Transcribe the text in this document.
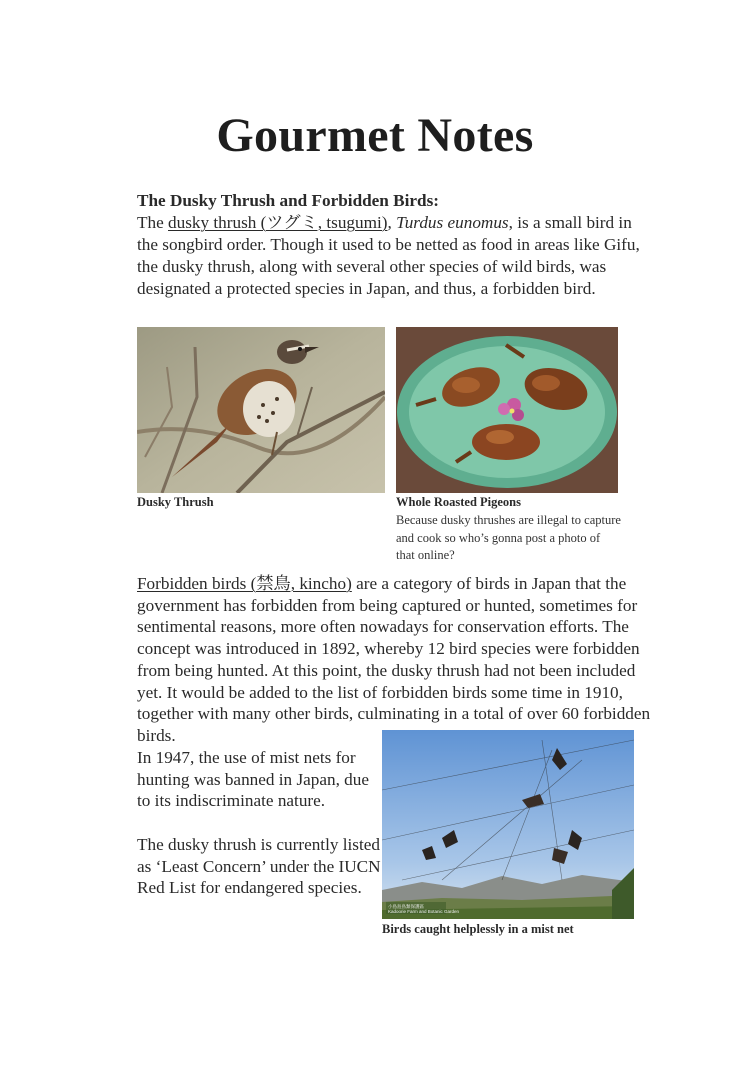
Gourmet Notes
The Dusky Thrush and Forbidden Birds:
The dusky thrush (ツグミ, tsugumi), Turdus eunomus, is a small bird in the songbird order. Though it used to be netted as food in areas like Gifu, the dusky thrush, along with several other species of wild birds, was designated a protected species in Japan, and thus, a forbidden bird.
Dusky Thrush	Whole Roasted Pigeons
Because dusky thrushes are illegal to capture and cook so who’s gonna post a photo of that online?
Forbidden birds (禁鳥, kincho) are a category of birds in Japan that the government has forbidden from being captured or hunted, sometimes for sentimental reasons, more often nowadays for conservation efforts. The concept was introduced in 1892, whereby 12 bird species were forbidden from being hunted. At this point, the dusky thrush had not been included yet. It would be added to the list of forbidden birds some time in 1910, together with many other birds, culminating in a total of over 60 forbidden birds.
In 1947, the use of mist nets for hunting was banned in Japan, due to its indiscriminate nature.
The dusky thrush is currently listed as ‘Least Concern’ under the IUCN Red List for endangered species.
小島島鳥類保護區
Kadoorie Farm and Botanic Garden
Birds caught helplessly in a mist net
